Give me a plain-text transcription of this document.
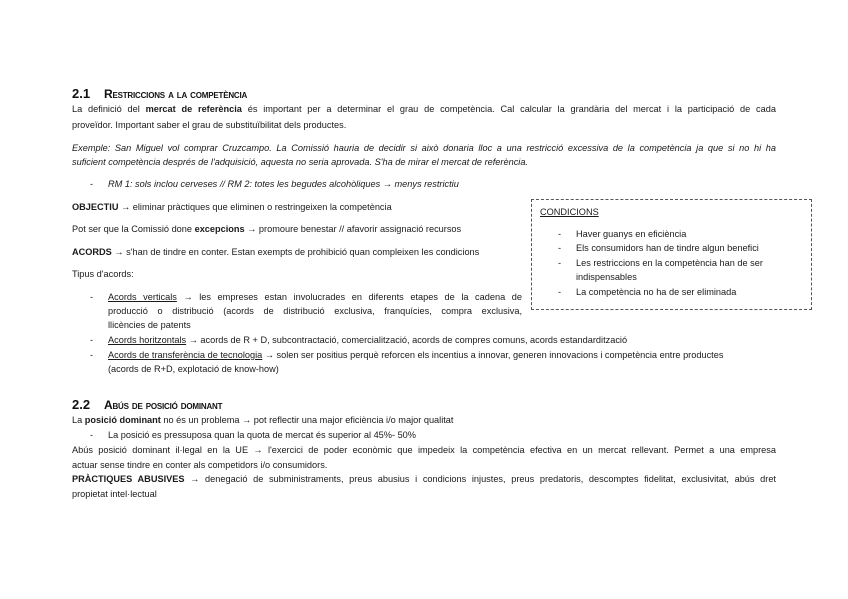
2.1 Restriccions a la competència
La definició del mercat de referència és important per a determinar el grau de competència. Cal calcular la grandària del mercat i la participació de cada
proveïdor. Important saber el grau de substituïbilitat dels productes.
Exemple: San Miguel vol comprar Cruzcampo. La Comissió hauria de decidir si això donaria lloc a una restricció excessiva de la competència ja que si no hi ha
suficient competència després de l'adquisició, aquesta no seria aprovada. S'ha de mirar el mercat de referència.
- RM 1: sols inclou cerveses // RM 2: totes les begudes alcohòliques → menys restrictiu
OBJECTIU → eliminar pràctiques que eliminen o restringeixen la competència
Pot ser que la Comissió done excepcions → promoure benestar // afavorir assignació recursos
ACORDS → s'han de tindre en conter. Estan exempts de prohibició quan compleixen les condicions
Tipus d'acords:
- Acords verticals → les empreses estan involucrades en diferents etapes de la cadena de
producció o distribució (acords de distribució exclusiva, franquícies, compra exclusiva,
llicències de patents
- Acords horitzontals → acords de R + D, subcontractació, comercialització, acords de compres comuns, acords estandardització
- Acords de transferència de tecnologia → solen ser positius perquè reforcen els incentius a innovar, generen innovacions i competència entre productes
(acords de R+D, explotació de know-how)
CONDICIONS
- Haver guanys en eficiència
- Els consumidors han de tindre algun benefici
- Les restriccions en la competència han de ser
indispensables
- La competència no ha de ser eliminada
2.2 Abús de posició dominant
La posició dominant no és un problema → pot reflectir una major eficiència i/o major qualitat
- La posició es pressuposa quan la quota de mercat és superior al 45%- 50%
Abús posició dominant il·legal en la UE → l'exercici de poder econòmic que impedeix la competència efectiva en un mercat rellevant. Permet a una empresa
actuar sense tindre en conter als competidors i/o consumidors.
PRÀCTIQUES ABUSIVES → denegació de subministraments, preus abusius i condicions injustes, preus predatoris, descomptes fidelitat, exclusivitat, abús dret
propietat intel·lectual
